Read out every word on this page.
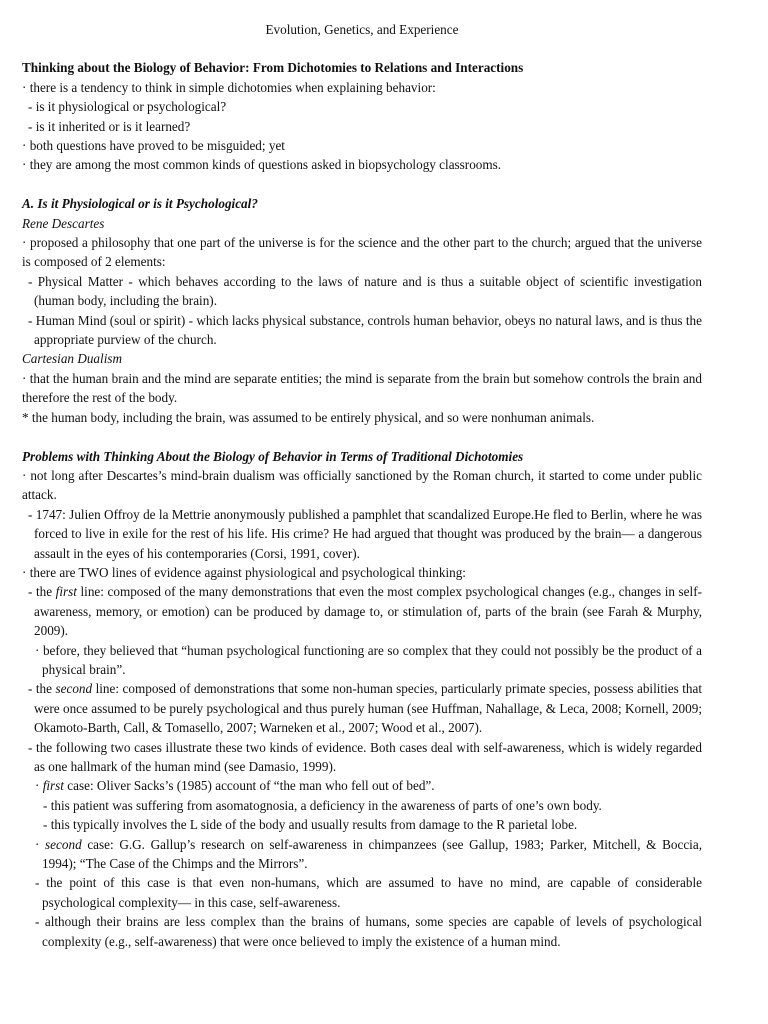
Evolution, Genetics, and Experience

Thinking about the Biology of Behavior: From Dichotomies to Relations and Interactions

· there is a tendency to think in simple dichotomies when explaining behavior:

- is it physiological or psychological?

- is it inherited or is it learned?

· both questions have proved to be misguided; yet

· they are among the most common kinds of questions asked in biopsychology classrooms.

A. Is it Physiological or is it Psychological?

Rene Descartes

· proposed a philosophy that one part of the universe is for the science and the other part to the church; argued that the universe is composed of 2 elements:

- Physical Matter - which behaves according to the laws of nature and is thus a suitable object of scientific investigation (human body, including the brain).

- Human Mind (soul or spirit) - which lacks physical substance, controls human behavior, obeys no natural laws, and is thus the appropriate purview of the church.

Cartesian Dualism

· that the human brain and the mind are separate entities; the mind is separate from the brain but somehow controls the brain and therefore the rest of the body.

* the human body, including the brain, was assumed to be entirely physical, and so were nonhuman animals.

Problems with Thinking About the Biology of Behavior in Terms of Traditional Dichotomies

· not long after Descartes’s mind-brain dualism was officially sanctioned by the Roman church, it started to come under public attack.

- 1747: Julien Offroy de la Mettrie anonymously published a pamphlet that scandalized Europe.He fled to Berlin, where he was forced to live in exile for the rest of his life. His crime? He had argued that thought was produced by the brain— a dangerous assault in the eyes of his contemporaries (Corsi, 1991, cover).

· there are TWO lines of evidence against physiological and psychological thinking:

- the first line: composed of the many demonstrations that even the most complex psychological changes (e.g., changes in self-awareness, memory, or emotion) can be produced by damage to, or stimulation of, parts of the brain (see Farah & Murphy, 2009).

· before, they believed that “human psychological functioning are so complex that they could not possibly be the product of a physical brain”.

- the second line: composed of demonstrations that some non-human species, particularly primate species, possess abilities that were once assumed to be purely psychological and thus purely human (see Huffman, Nahallage, & Leca, 2008; Kornell, 2009; Okamoto-Barth, Call, & Tomasello, 2007; Warneken et al., 2007; Wood et al., 2007).

- the following two cases illustrate these two kinds of evidence. Both cases deal with self-awareness, which is widely regarded as one hallmark of the human mind (see Damasio, 1999).

· first case: Oliver Sacks’s (1985) account of “the man who fell out of bed”.

- this patient was suffering from asomatognosia, a deficiency in the awareness of parts of one’s own body.

- this typically involves the L side of the body and usually results from damage to the R parietal lobe.

· second case: G.G. Gallup’s research on self-awareness in chimpanzees (see Gallup, 1983; Parker, Mitchell, & Boccia, 1994); “The Case of the Chimps and the Mirrors”.

- the point of this case is that even non-humans, which are assumed to have no mind, are capable of considerable psychological complexity— in this case, self-awareness.

- although their brains are less complex than the brains of humans, some species are capable of levels of psychological complexity (e.g., self-awareness) that were once believed to imply the existence of a human mind.
